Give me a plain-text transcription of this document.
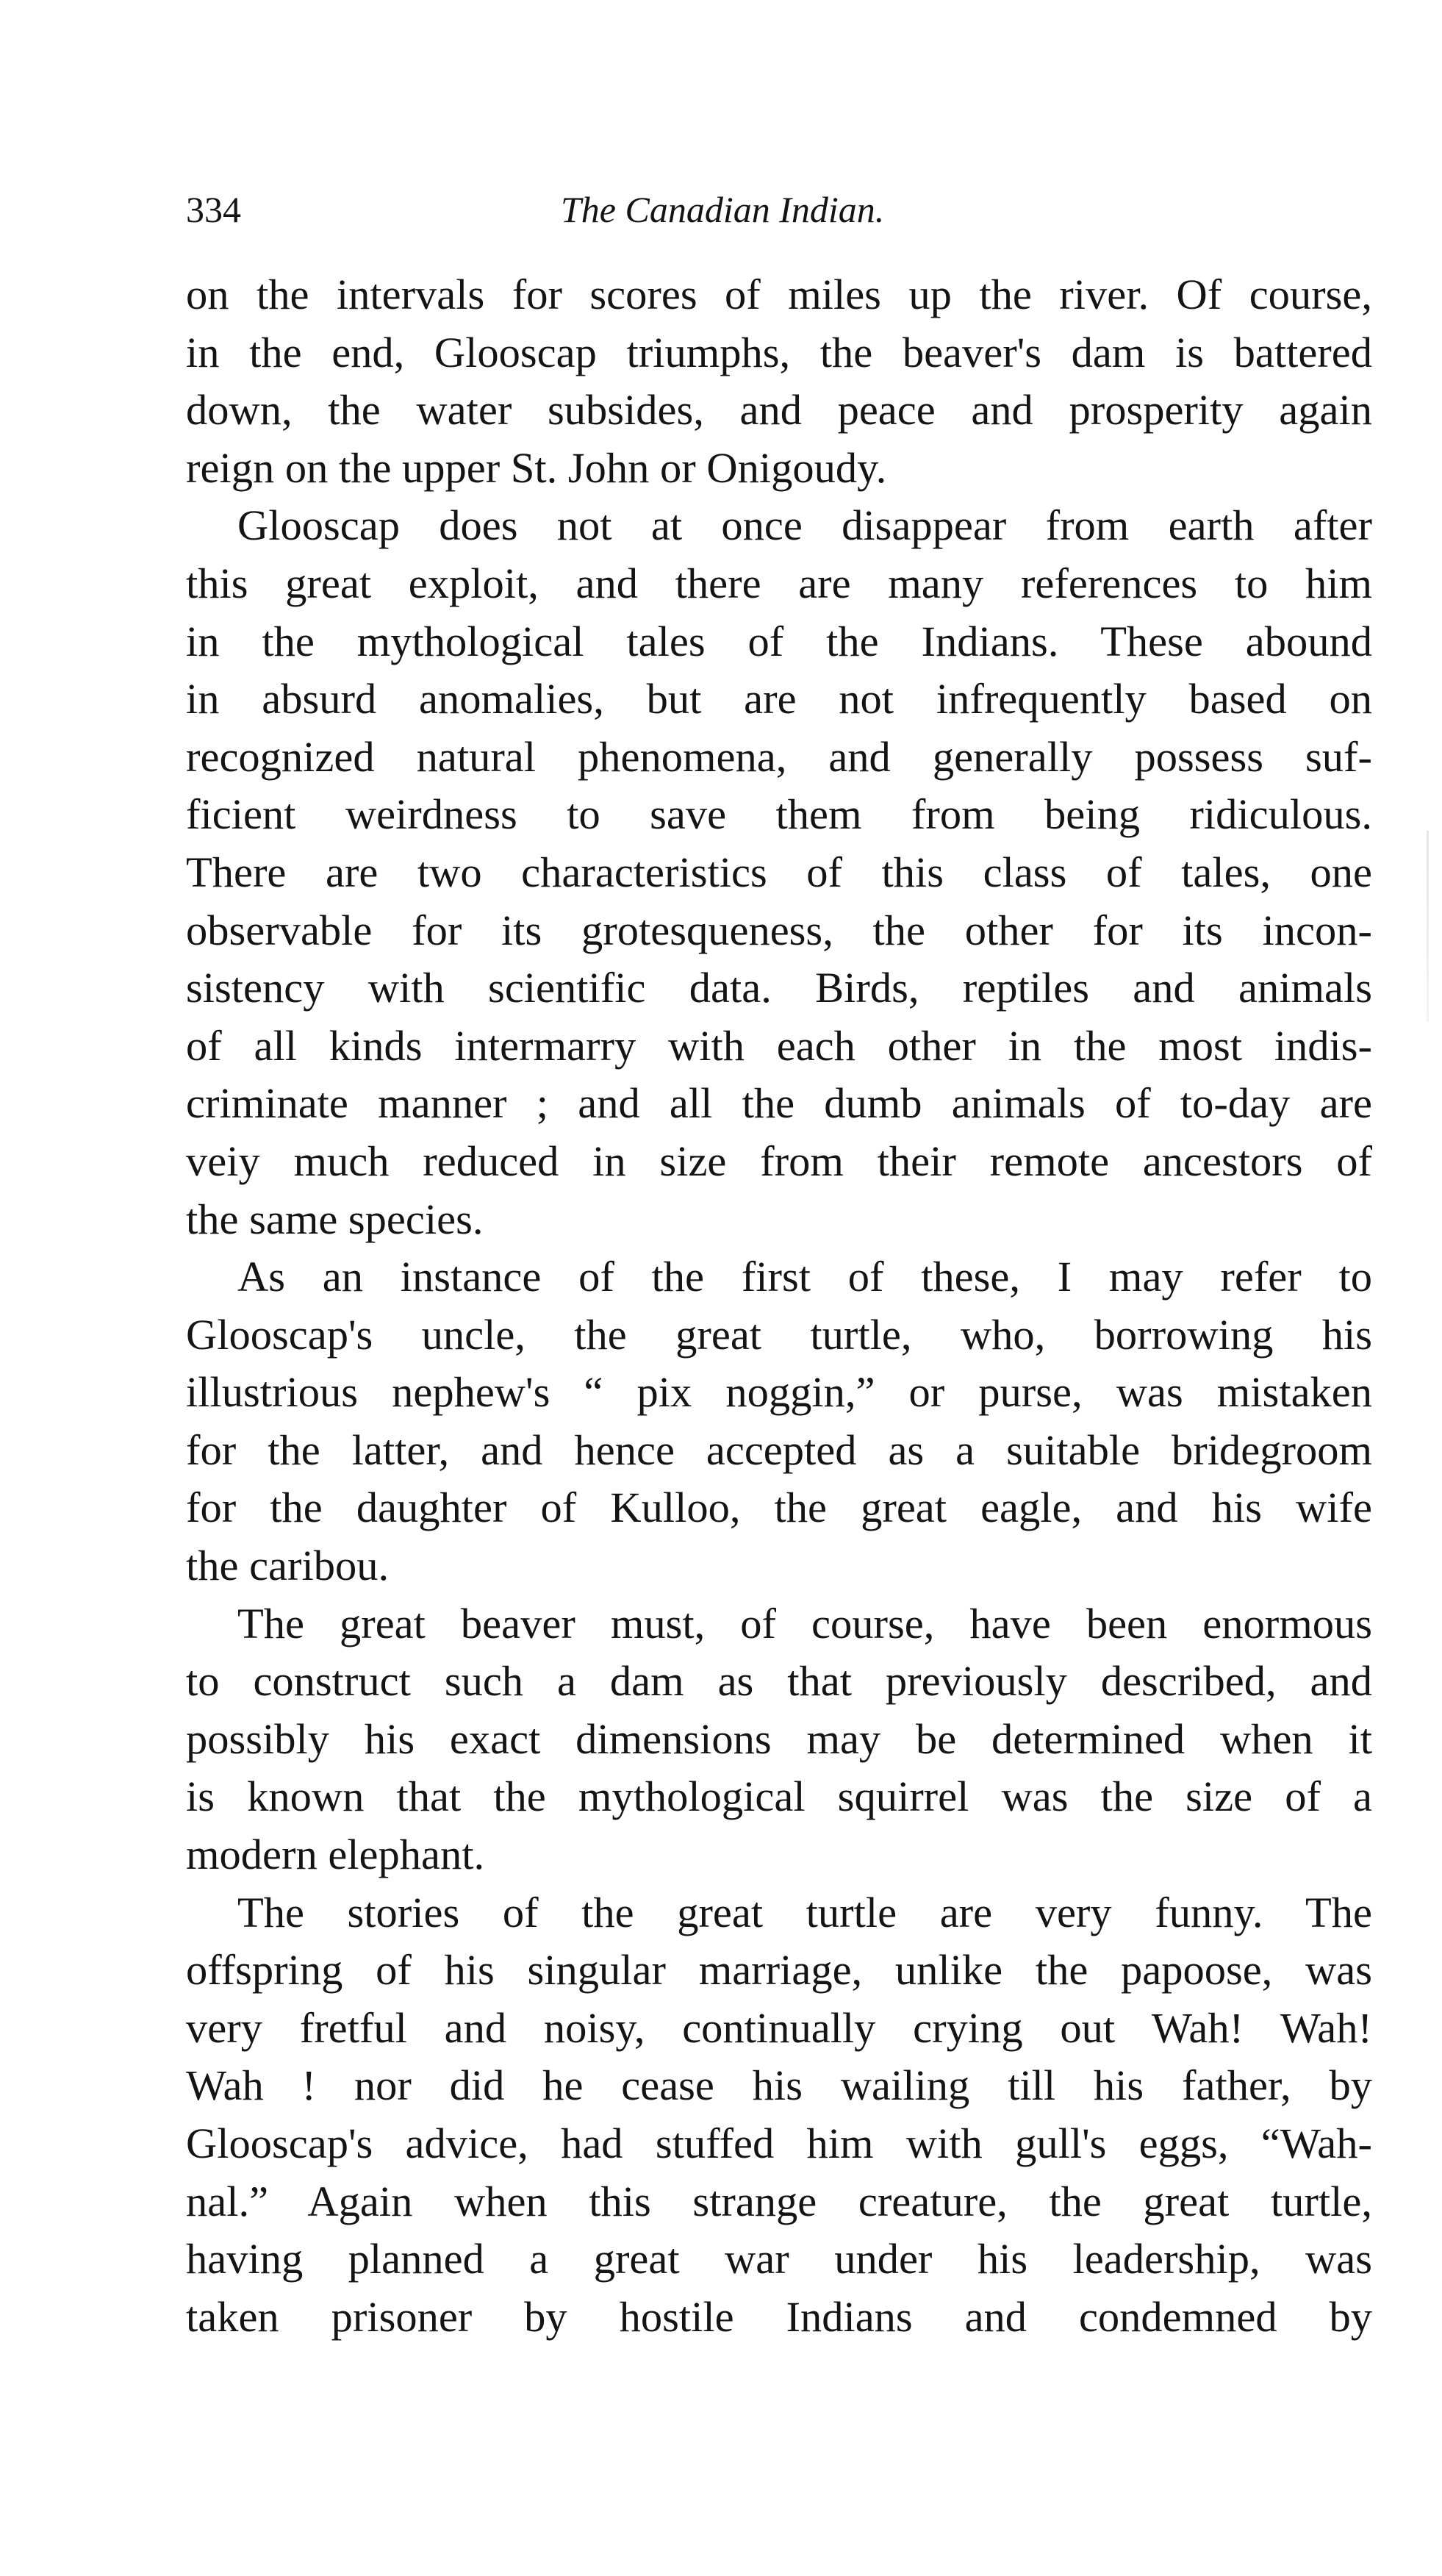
334	The Canadian Indian.

on the intervals for scores of miles up the river. Of course,
in the end, Glooscap triumphs, the beaver's dam is battered
down, the water subsides, and peace and prosperity again
reign on the upper St. John or Onigoudy.

Glooscap does not at once disappear from earth after
this great exploit, and there are many references to him
in the mythological tales of the Indians. These abound
in absurd anomalies, but are not infrequently based on
recognized natural phenomena, and generally possess suf-
ficient weirdness to save them from being ridiculous.
There are two characteristics of this class of tales, one
observable for its grotesqueness, the other for its incon-
sistency with scientific data. Birds, reptiles and animals
of all kinds intermarry with each other in the most indis-
criminate manner ; and all the dumb animals of to-day are
veiy much reduced in size from their remote ancestors of
the same species.

As an instance of the first of these, I may refer to
Glooscap's uncle, the great turtle, who, borrowing his
illustrious nephew's “ pix noggin,” or purse, was mistaken
for the latter, and hence accepted as a suitable bridegroom
for the daughter of Kulloo, the great eagle, and his wife
the caribou.

The great beaver must, of course, have been enormous
to construct such a dam as that previously described, and
possibly his exact dimensions may be determined when it
is known that the mythological squirrel was the size of a
modern elephant.

The stories of the great turtle are very funny. The
offspring of his singular marriage, unlike the papoose, was
very fretful and noisy, continually crying out Wah! Wah!
Wah ! nor did he cease his wailing till his father, by
Glooscap's advice, had stuffed him with gull's eggs, “Wah-
nal.” Again when this strange creature, the great turtle,
having planned a great war under his leadership, was
taken prisoner by hostile Indians and condemned by
